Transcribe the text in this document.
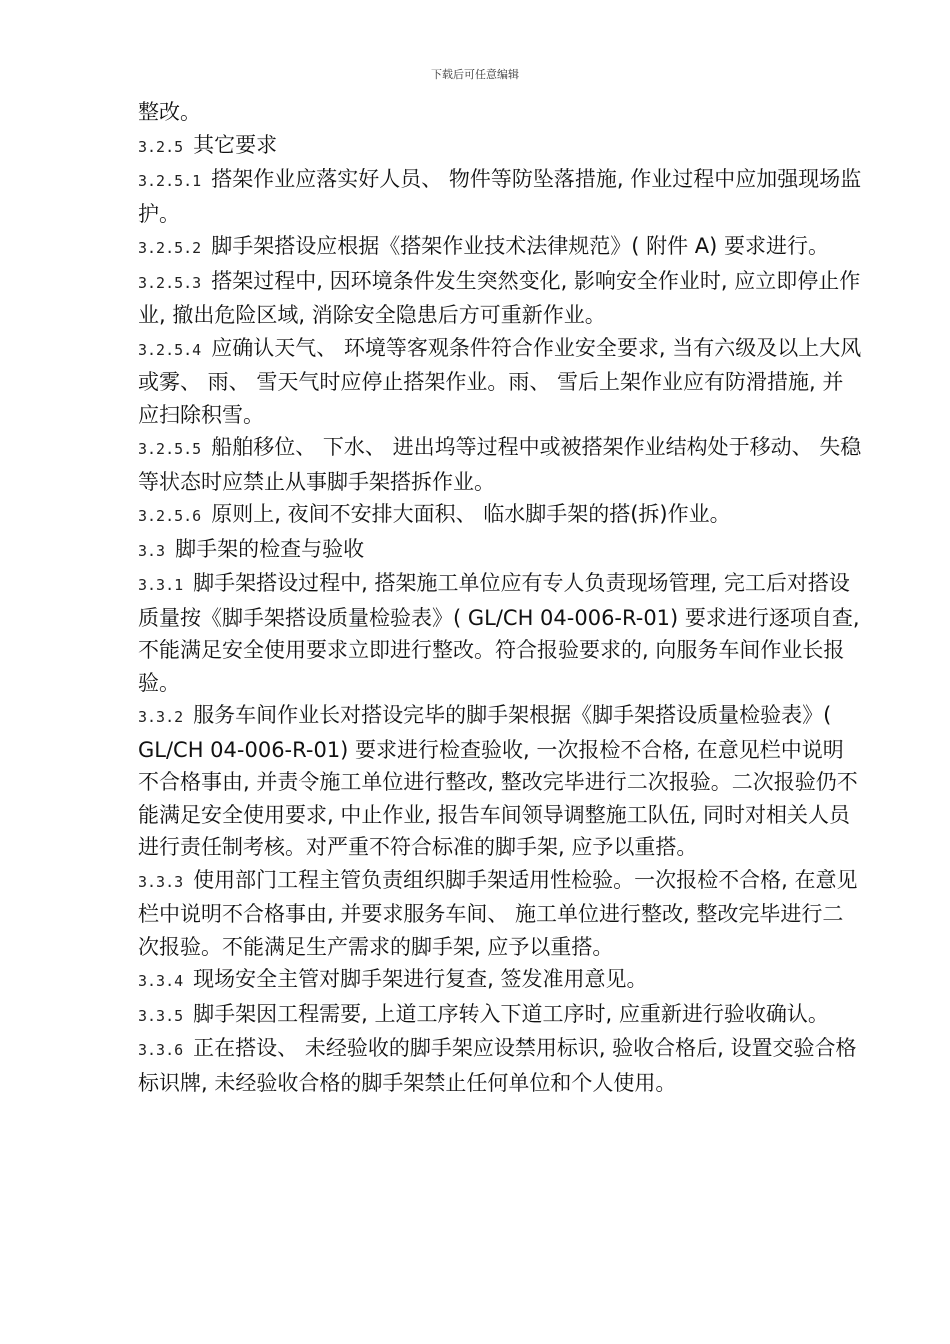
下载后可任意编辑

整改。

3.2.5 其它要求

3.2.5.1 搭架作业应落实好人员、 物件等防坠落措施, 作业过程中应加强现场监护。

3.2.5.2 脚手架搭设应根据《搭架作业技术法律规范》( 附件 A) 要求进行。

3.2.5.3 搭架过程中, 因环境条件发生突然变化, 影响安全作业时, 应立即停止作业, 撤出危险区域, 消除安全隐患后方可重新作业。

3.2.5.4 应确认天气、 环境等客观条件符合作业安全要求, 当有六级及以上大风或雾、 雨、 雪天气时应停止搭架作业。雨、 雪后上架作业应有防滑措施, 并应扫除积雪。

3.2.5.5 船舶移位、 下水、 进出坞等过程中或被搭架作业结构处于移动、 失稳等状态时应禁止从事脚手架搭拆作业。

3.2.5.6 原则上, 夜间不安排大面积、 临水脚手架的搭(拆)作业。

3.3 脚手架的检查与验收

3.3.1 脚手架搭设过程中, 搭架施工单位应有专人负责现场管理, 完工后对搭设质量按《脚手架搭设质量检验表》( GL/CH 04-006-R-01) 要求进行逐项自查, 不能满足安全使用要求立即进行整改。符合报验要求的, 向服务车间作业长报验。

3.3.2 服务车间作业长对搭设完毕的脚手架根据《脚手架搭设质量检验表》( GL/CH 04-006-R-01) 要求进行检查验收, 一次报检不合格, 在意见栏中说明不合格事由, 并责令施工单位进行整改, 整改完毕进行二次报验。二次报验仍不能满足安全使用要求, 中止作业, 报告车间领导调整施工队伍, 同时对相关人员进行责任制考核。对严重不符合标准的脚手架, 应予以重搭。

3.3.3 使用部门工程主管负责组织脚手架适用性检验。一次报检不合格, 在意见栏中说明不合格事由, 并要求服务车间、 施工单位进行整改, 整改完毕进行二次报验。不能满足生产需求的脚手架, 应予以重搭。

3.3.4 现场安全主管对脚手架进行复查, 签发准用意见。

3.3.5 脚手架因工程需要, 上道工序转入下道工序时, 应重新进行验收确认。

3.3.6 正在搭设、 未经验收的脚手架应设禁用标识, 验收合格后, 设置交验合格标识牌, 未经验收合格的脚手架禁止任何单位和个人使用。
